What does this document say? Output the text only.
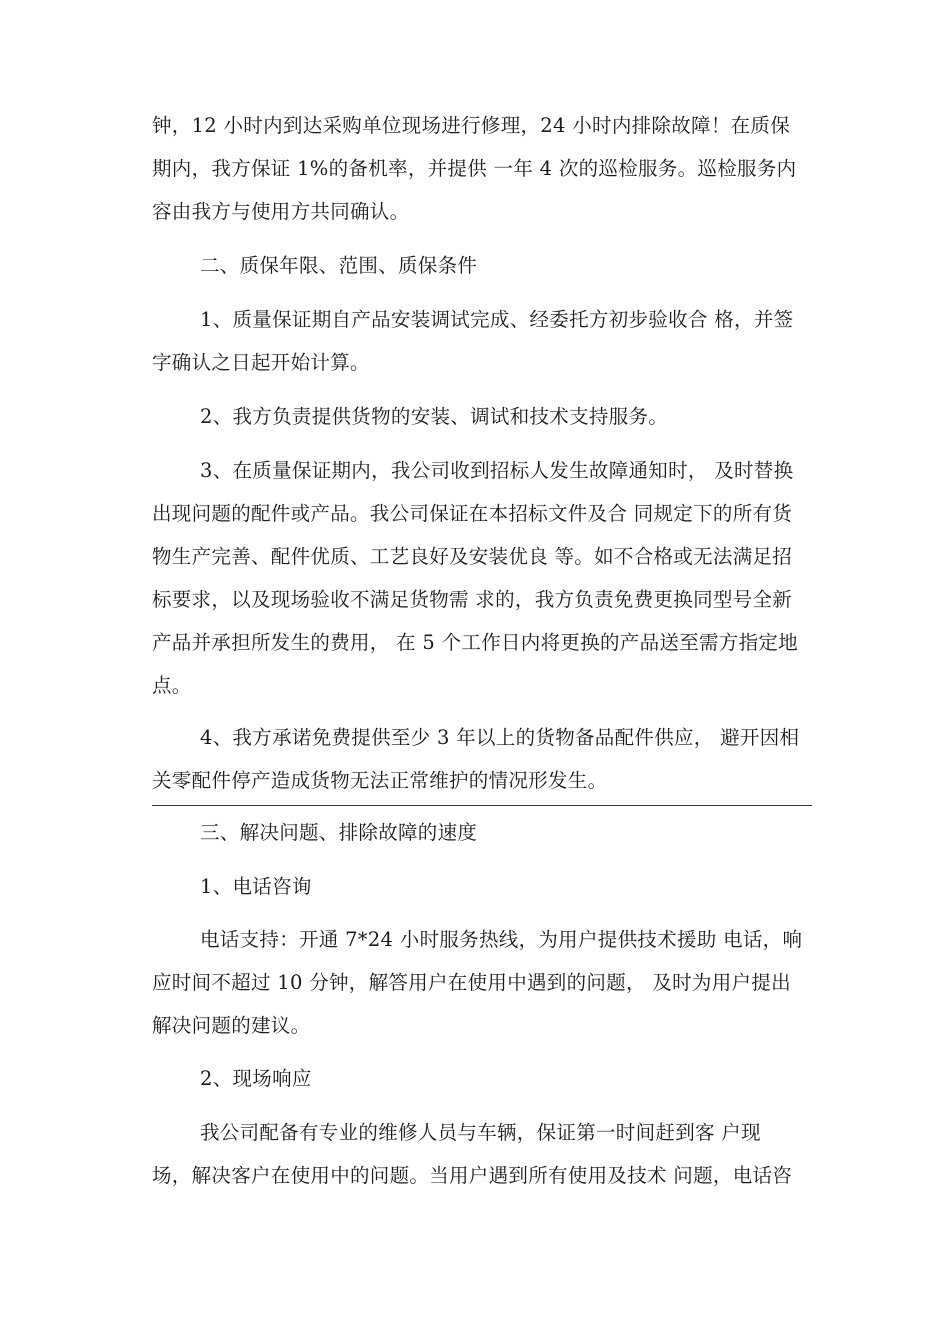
钟，12 小时内到达采购单位现场进行修理，24 小时内排除故障！在质保
期内，我方保证 1%的备机率，并提供 一年 4 次的巡检服务。巡检服务内
容由我方与使用方共同确认。
二、质保年限、范围、质保条件
1、质量保证期自产品安装调试完成、经委托方初步验收合 格，并签
字确认之日起开始计算。
2、我方负责提供货物的安装、调试和技术支持服务。
3、在质量保证期内，我公司收到招标人发生故障通知时， 及时替换
出现问题的配件或产品。我公司保证在本招标文件及合 同规定下的所有货
物生产完善、配件优质、工艺良好及安装优良 等。如不合格或无法满足招
标要求，以及现场验收不满足货物需 求的，我方负责免费更换同型号全新
产品并承担所发生的费用， 在 5 个工作日内将更换的产品送至需方指定地
点。
4、我方承诺免费提供至少 3 年以上的货物备品配件供应， 避开因相
关零配件停产造成货物无法正常维护的情况形发生。
三、解决问题、排除故障的速度
1、电话咨询
电话支持：开通 7*24 小时服务热线，为用户提供技术援助 电话，响
应时间不超过 10 分钟，解答用户在使用中遇到的问题， 及时为用户提出
解决问题的建议。
2、现场响应
我公司配备有专业的维修人员与车辆，保证第一时间赶到客 户现
场，解决客户在使用中的问题。当用户遇到所有使用及技术 问题，电话咨
